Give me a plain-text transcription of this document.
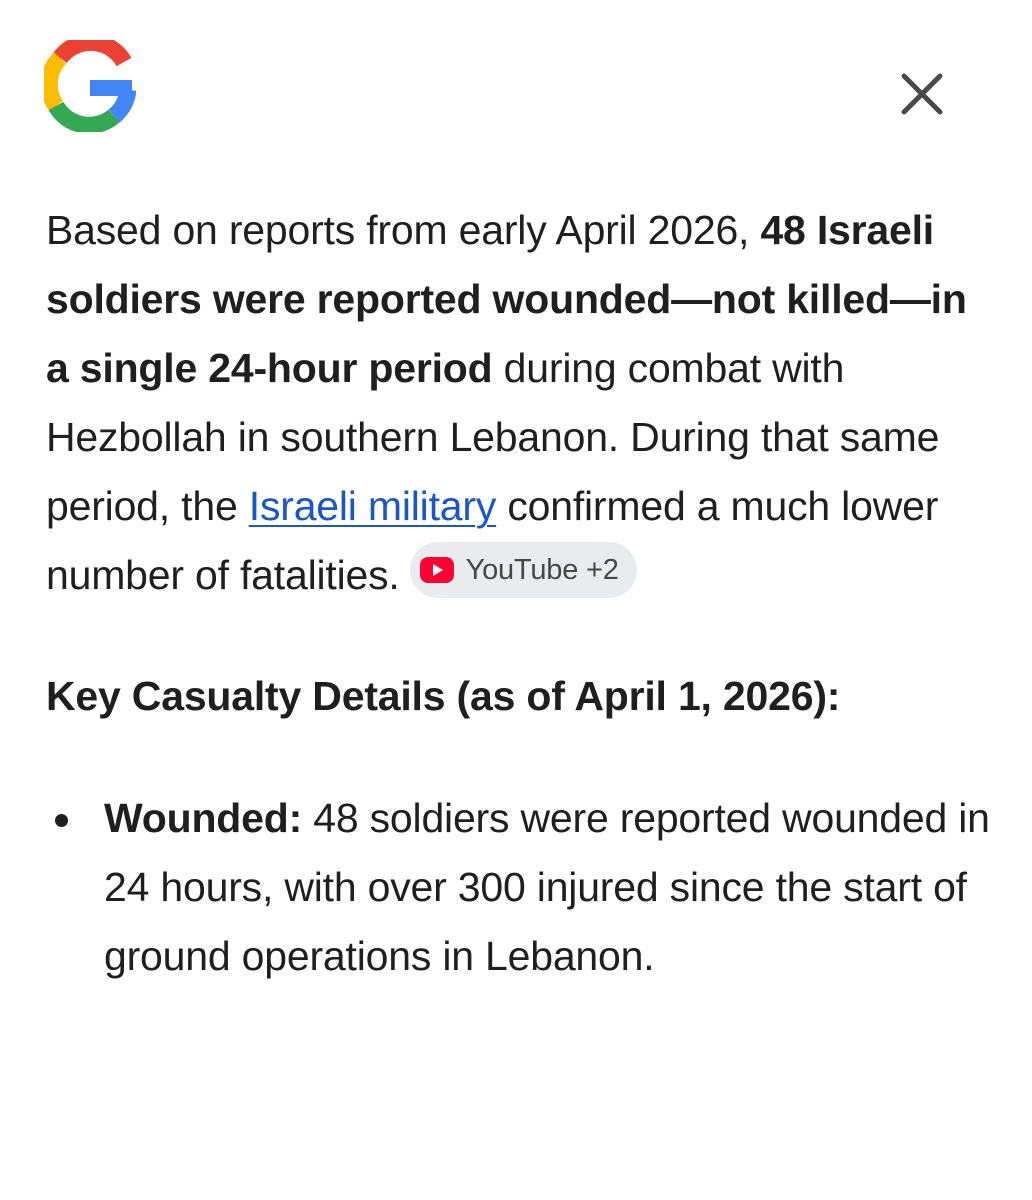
Based on reports from early April 2026, 48 Israeli soldiers were reported wounded—not killed—in a single 24-hour period during combat with Hezbollah in southern Lebanon. During that same period, the Israeli military confirmed a much lower number of fatalities. YouTube +2

Key Casualty Details (as of April 1, 2026):
Wounded: 48 soldiers were reported wounded in 24 hours, with over 300 injured since the start of ground operations in Lebanon.
